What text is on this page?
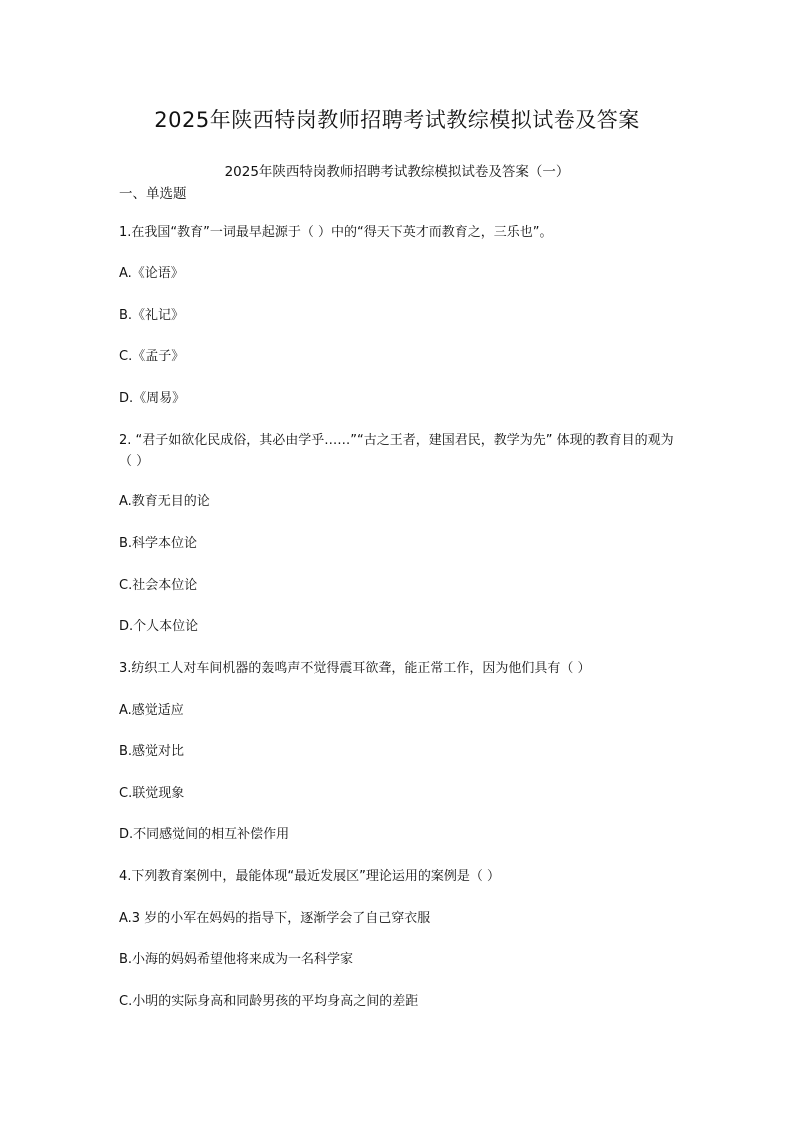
2025年陕西特岗教师招聘考试教综模拟试卷及答案

2025年陕西特岗教师招聘考试教综模拟试卷及答案（一）

一、单选题

1.在我国“教育”一词最早起源于（ ）中的“得天下英才而教育之，三乐也”。

A.《论语》

B.《礼记》

C.《孟子》

D.《周易》

2. “君子如欲化民成俗，其必由学乎……”“古之王者，建国君民，教学为先” 体现的教育目的观为（ ）

A.教育无目的论

B.科学本位论

C.社会本位论

D.个人本位论

3.纺织工人对车间机器的轰鸣声不觉得震耳欲聋，能正常工作，因为他们具有（ ）

A.感觉适应

B.感觉对比

C.联觉现象

D.不同感觉间的相互补偿作用

4.下列教育案例中，最能体现“最近发展区”理论运用的案例是（ ）

A.3 岁的小军在妈妈的指导下，逐渐学会了自己穿衣服

B.小海的妈妈希望他将来成为一名科学家

C.小明的实际身高和同龄男孩的平均身高之间的差距
